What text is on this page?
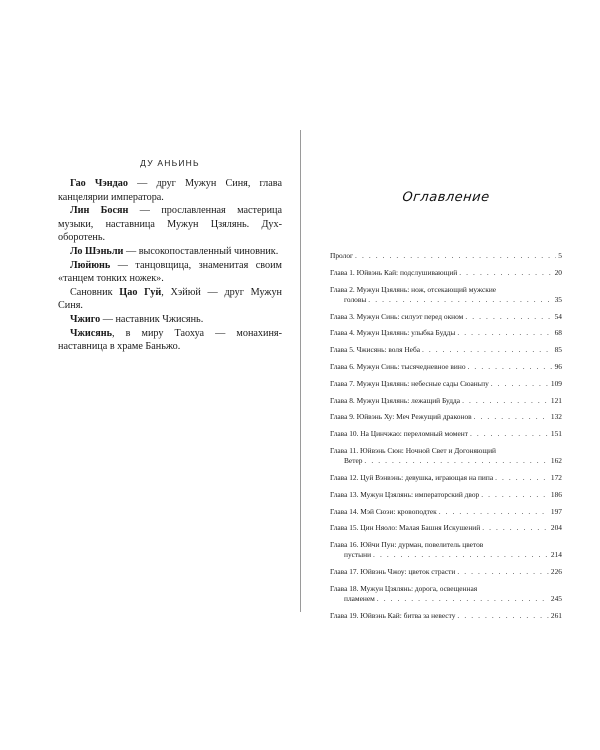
ДУ АНЬИНЬ

Гао Чэндао — друг Мужун Синя, глава канцелярии императора.

Лин Босян — прославленная мастерица музыки, наставница Мужун Цзялянь. Дух-оборотень.

Ло Шэньли — высокопоставленный чиновник.

Люйюнь — танцовщица, знаменитая своим «танцем тонких ножек».

Сановник Цао Гуй, Хэйюй — друг Мужун Синя.

Чжиго — наставник Чжисянь.

Чжисянь, в миру Таохуа — монахиня-наставница в храме Баньжо.

Оглавление
Пролог . . .	5
Глава 1. Юйвэнь Кай: подслушивающий . . .	20
Глава 2. Мужун Цзялянь: нож, отсекающий мужские
головы . . .	35
Глава 3. Мужун Синь: силуэт перед окном . . .	54
Глава 4. Мужун Цзялянь: улыбка Будды . . .	68
Глава 5. Чжисянь: воля Неба . . .	85
Глава 6. Мужун Синь: тысячедневное вино . . .	96
Глава 7. Мужун Цзялянь: небесные сады Сюаньпу . . .	109
Глава 8. Мужун Цзялянь: лежащий Будда . . .	121
Глава 9. Юйвэнь Ху: Меч Режущий драконов . . .	132
Глава 10. На Цинчжао: переломный момент . . .	151
Глава 11. Юйвэнь Сюн: Ночной Свет и Догоняющий
Ветер . . .	162
Глава 12. Цуй Вэнвэнь: девушка, играющая на пипа . . .	172
Глава 13. Мужун Цзялянь: императорский двор . . .	186
Глава 14. Мэй Сюэи: кровоподтек . . .	197
Глава 15. Цин Няоло: Малая Башня Искушений . . .	204
Глава 16. Юйчи Пун: дурман, повелитель цветов
пустыни . . .	214
Глава 17. Юйвэнь Чжоу: цветок страсти . . .	226
Глава 18. Мужун Цзялянь: дорога, освещенная
пламенем . . .	245
Глава 19. Юйвэнь Кай: битва за невесту . . .	261
